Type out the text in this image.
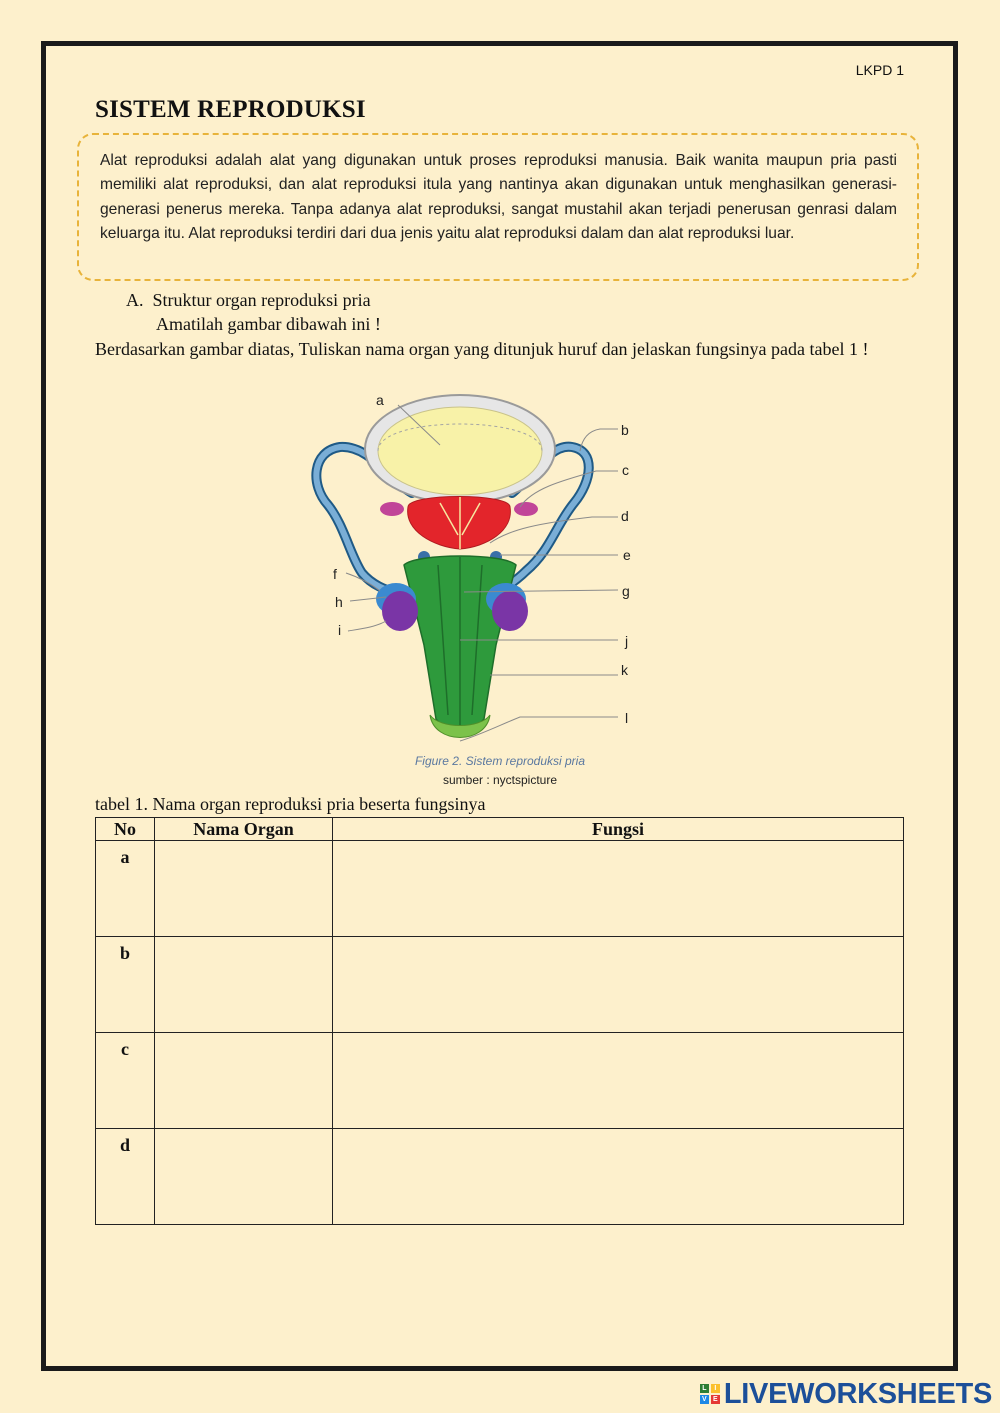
LKPD 1
SISTEM REPRODUKSI
Alat reproduksi adalah alat yang digunakan untuk proses reproduksi manusia. Baik wanita maupun pria pasti memiliki alat reproduksi, dan alat reproduksi itula yang nantinya akan digunakan untuk menghasilkan generasi-generasi penerus mereka. Tanpa adanya alat reproduksi, sangat mustahil akan terjadi penerusan genrasi dalam keluarga itu. Alat reproduksi terdiri dari dua jenis yaitu alat reproduksi dalam dan alat reproduksi luar.
A.  Struktur organ reproduksi pria
Amatilah gambar dibawah ini !
Berdasarkan gambar diatas, Tuliskan nama organ yang ditunjuk huruf dan jelaskan fungsinya pada tabel 1 !
a
b
c
d
e
f
g
h
i
j
k
l
Figure 2. Sistem reproduksi pria
sumber : nyctspicture
tabel 1. Nama organ reproduksi pria beserta fungsinya
No	Nama Organ	Fungsi
a		
b		
c		
d		
L	I
V E LIVEWORKSHEETS
